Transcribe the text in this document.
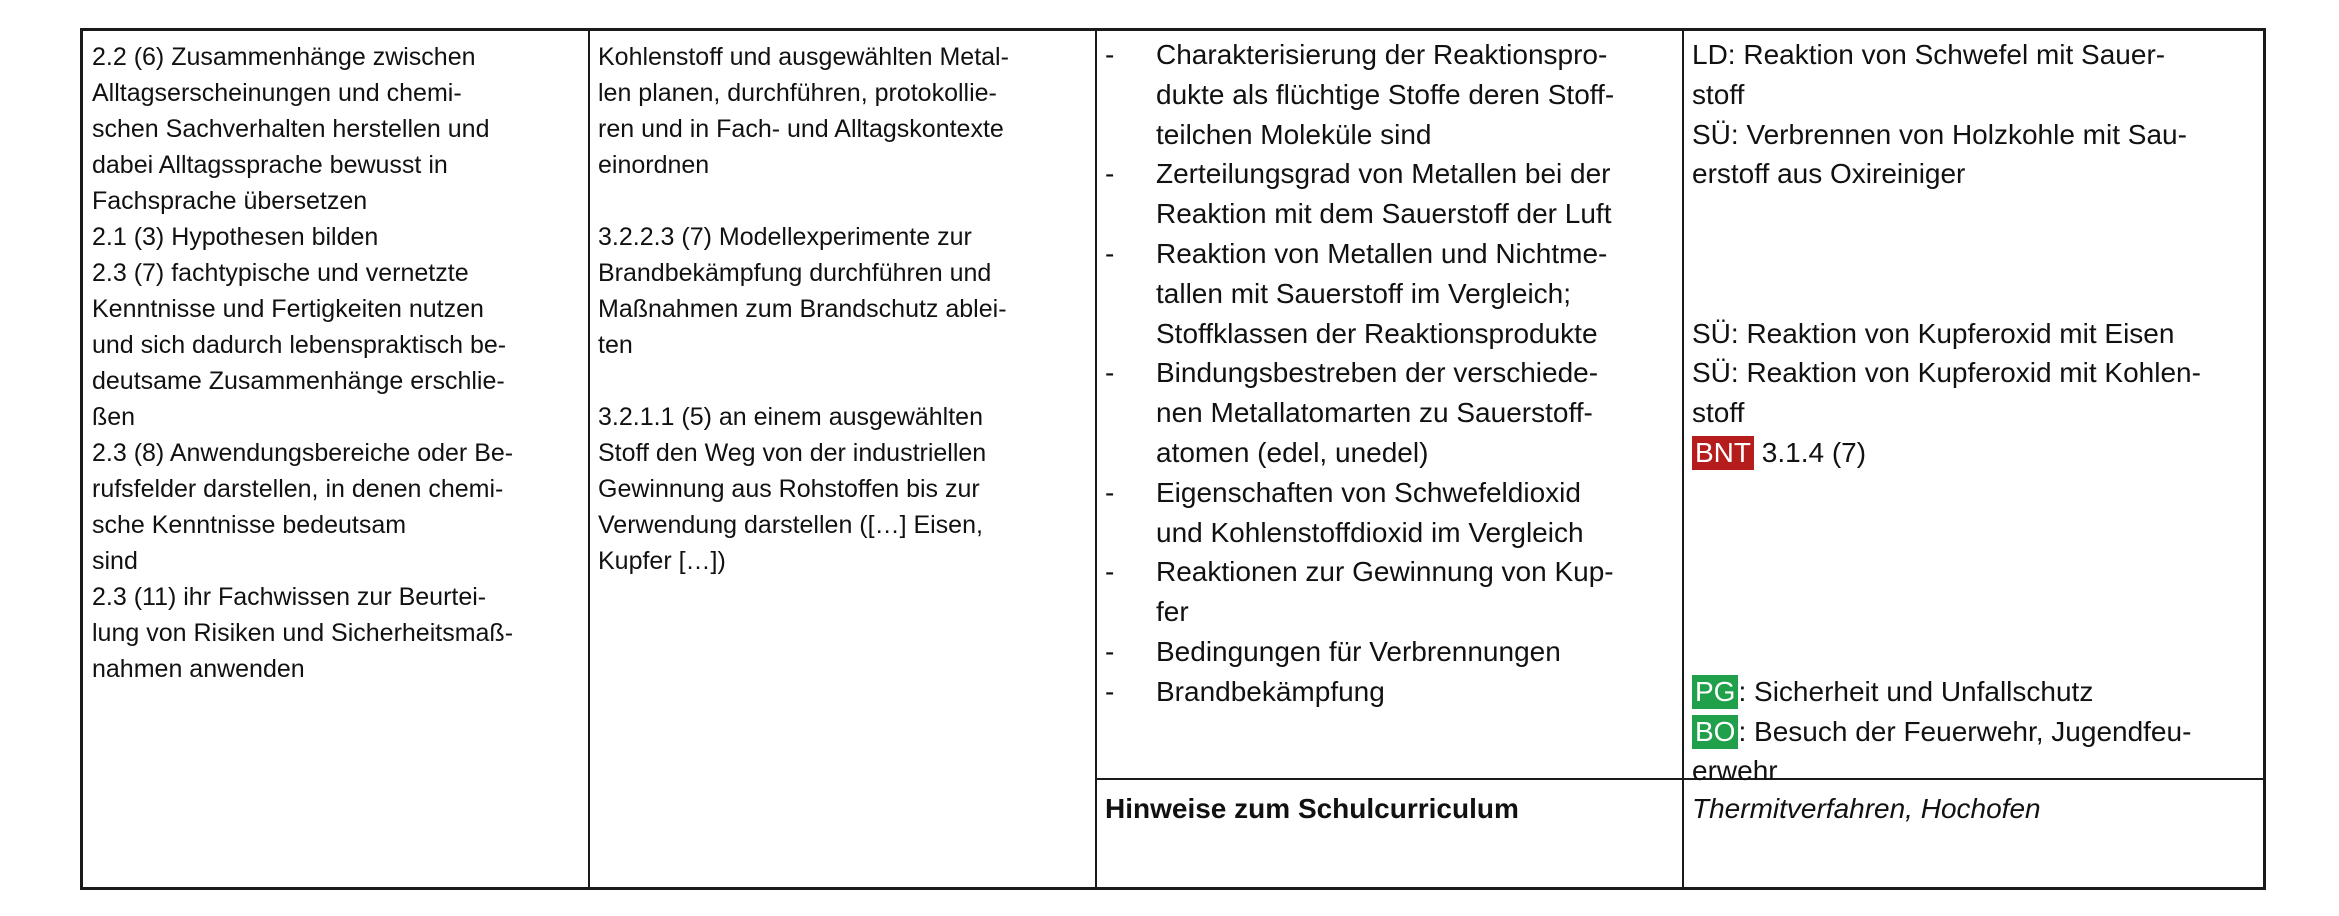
2.2 (6) Zusammenhänge zwischen
Alltagserscheinungen und chemi-
schen Sachverhalten herstellen und
dabei Alltagssprache bewusst in
Fachsprache übersetzen
2.1 (3) Hypothesen bilden
2.3 (7) fachtypische und vernetzte
Kenntnisse und Fertigkeiten nutzen
und sich dadurch lebenspraktisch be-
deutsame Zusammenhänge erschlie-
ßen
2.3 (8) Anwendungsbereiche oder Be-
rufsfelder darstellen, in denen chemi-
sche Kenntnisse bedeutsam
sind
2.3 (11) ihr Fachwissen zur Beurtei-
lung von Risiken und Sicherheitsmaß-
nahmen anwenden
Kohlenstoff und ausgewählten Metal-
len planen, durchführen, protokollie-
ren und in Fach- und Alltagskontexte
einordnen
3.2.2.3 (7) Modellexperimente zur
Brandbekämpfung durchführen und
Maßnahmen zum Brandschutz ablei-
ten
3.2.1.1 (5) an einem ausgewählten
Stoff den Weg von der industriellen
Gewinnung aus Rohstoffen bis zur
Verwendung darstellen ([…] Eisen,
Kupfer […])
- Charakterisierung der Reaktionspro-
dukte als flüchtige Stoffe deren Stoff-
teilchen Moleküle sind
- Zerteilungsgrad von Metallen bei der
Reaktion mit dem Sauerstoff der Luft
- Reaktion von Metallen und Nichtme-
tallen mit Sauerstoff im Vergleich;
Stoffklassen der Reaktionsprodukte
- Bindungsbestreben der verschiede-
nen Metallatomarten zu Sauerstoff-
atomen (edel, unedel)
- Eigenschaften von Schwefeldioxid
und Kohlenstoffdioxid im Vergleich
- Reaktionen zur Gewinnung von Kup-
fer
- Bedingungen für Verbrennungen
- Brandbekämpfung
Hinweise zum Schulcurriculum
LD: Reaktion von Schwefel mit Sauer-
stoff
SÜ: Verbrennen von Holzkohle mit Sau-
erstoff aus Oxireiniger
SÜ: Reaktion von Kupferoxid mit Eisen
SÜ: Reaktion von Kupferoxid mit Kohlen-
stoff
BNT 3.1.4 (7)
PG : Sicherheit und Unfallschutz
BO : Besuch der Feuerwehr, Jugendfeu-
erwehr
Thermitverfahren, Hochofen
